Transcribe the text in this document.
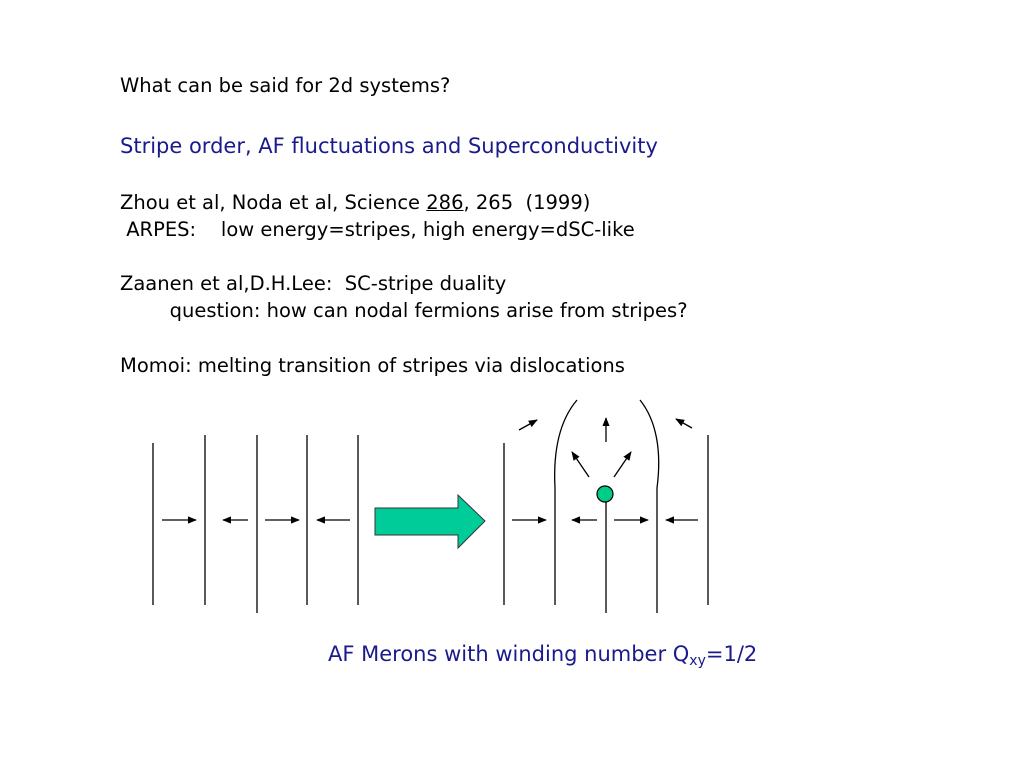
What can be said for 2d systems?
Stripe order, AF fluctuations and Superconductivity
Zhou et al, Noda et al, Science 286, 265  (1999)
ARPES:    low energy=stripes, high energy=dSC-like
Zaanen et al,D.H.Lee:  SC-stripe duality
question: how can nodal fermions arise from stripes?
Momoi: melting transition of stripes via dislocations
AF Merons with winding number $Q_{xy}=1/2$
